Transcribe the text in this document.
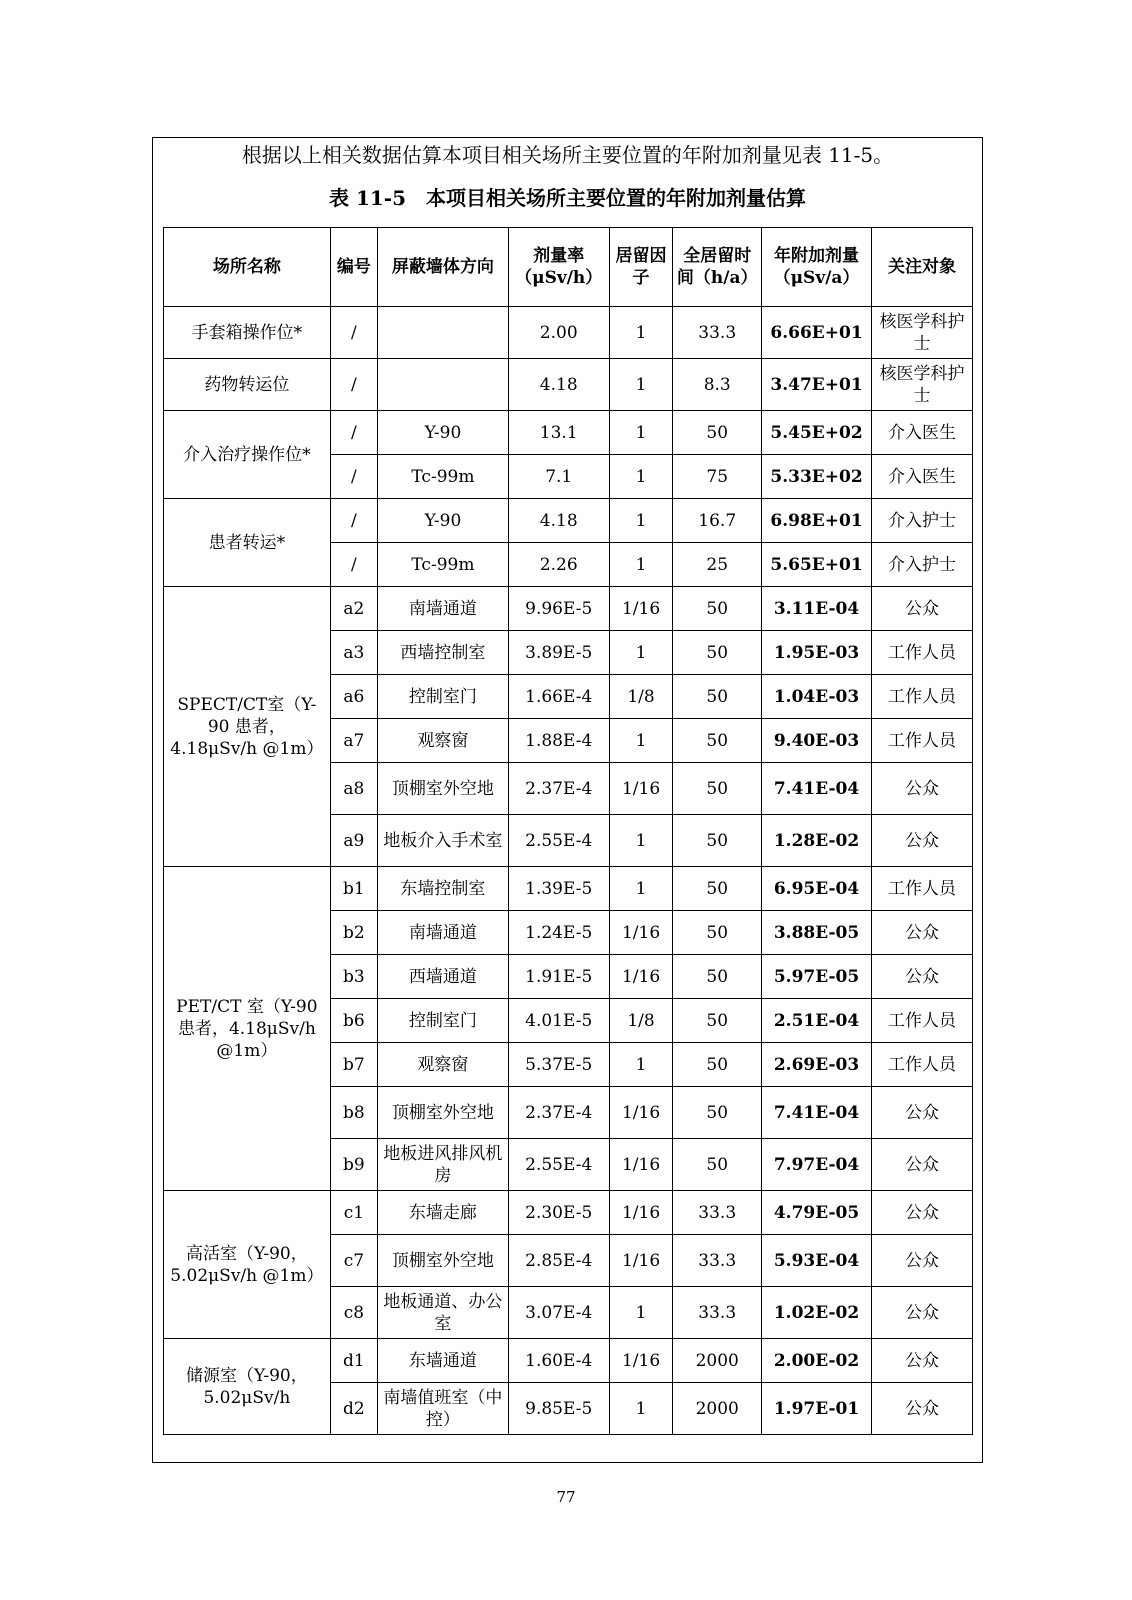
根据以上相关数据估算本项目相关场所主要位置的年附加剂量见表 11-5。
表 11-5　本项目相关场所主要位置的年附加剂量估算
场所名称	编号	屏蔽墙体方向	剂量率（μSv/h）	居留因子	全居留时间（h/a）	年附加剂量（μSv/a）	关注对象
手套箱操作位*	/		2.00	1	33.3	6.66E+01	核医学科护士
药物转运位	/		4.18	1	8.3	3.47E+01	核医学科护士
介入治疗操作位*	/	Y-90	13.1	1	50	5.45E+02	介入医生
	/	Tc-99m	7.1	1	75	5.33E+02	介入医生
患者转运*	/	Y-90	4.18	1	16.7	6.98E+01	介入护士
	/	Tc-99m	2.26	1	25	5.65E+01	介入护士
SPECT/CT室（Y-90 患者，4.18μSv/h @1m）	a2	南墙通道	9.96E-5	1/16	50	3.11E-04	公众
	a3	西墙控制室	3.89E-5	1	50	1.95E-03	工作人员
	a6	控制室门	1.66E-4	1/8	50	1.04E-03	工作人员
	a7	观察窗	1.88E-4	1	50	9.40E-03	工作人员
	a8	顶棚室外空地	2.37E-4	1/16	50	7.41E-04	公众
	a9	地板介入手术室	2.55E-4	1	50	1.28E-02	公众
PET/CT 室（Y-90 患者，4.18μSv/h @1m）	b1	东墙控制室	1.39E-5	1	50	6.95E-04	工作人员
	b2	南墙通道	1.24E-5	1/16	50	3.88E-05	公众
	b3	西墙通道	1.91E-5	1/16	50	5.97E-05	公众
	b6	控制室门	4.01E-5	1/8	50	2.51E-04	工作人员
	b7	观察窗	5.37E-5	1	50	2.69E-03	工作人员
	b8	顶棚室外空地	2.37E-4	1/16	50	7.41E-04	公众
	b9	地板进风排风机房	2.55E-4	1/16	50	7.97E-04	公众
高活室（Y-90，5.02μSv/h @1m）	c1	东墙走廊	2.30E-5	1/16	33.3	4.79E-05	公众
	c7	顶棚室外空地	2.85E-4	1/16	33.3	5.93E-04	公众
	c8	地板通道、办公室	3.07E-4	1	33.3	1.02E-02	公众
储源室（Y-90，5.02μSv/h	d1	东墙通道	1.60E-4	1/16	2000	2.00E-02	公众
	d2	南墙值班室（中控）	9.85E-5	1	2000	1.97E-01	公众
77
